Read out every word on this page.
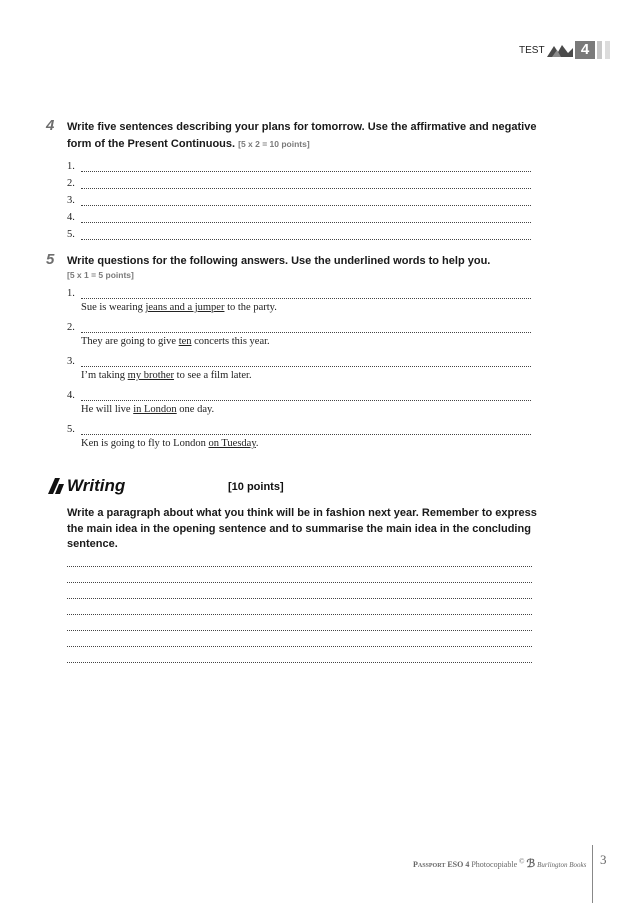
TEST	4
4 Write five sentences describing your plans for tomorrow. Use the affirmative and negative
form of the Present Continuous. [5 x 2 = 10 points]
1.
2.
3.
4.
5.
5 Write questions for the following answers. Use the underlined words to help you.
[5 x 1 = 5 points]
1.
Sue is wearing jeans and a jumper to the party.
2.
They are going to give ten concerts this year.
3.
I’m taking my brother to see a film later.
4.
He will live in London one day.
5.
Ken is going to fly to London on Tuesday.
Writing	[10 points]
Write a paragraph about what you think will be in fashion next year. Remember to express
the main idea in the opening sentence and to summarise the main idea in the concluding
sentence.
Passport ESO 4 Photocopiable © ℬ Burlington Books 3
